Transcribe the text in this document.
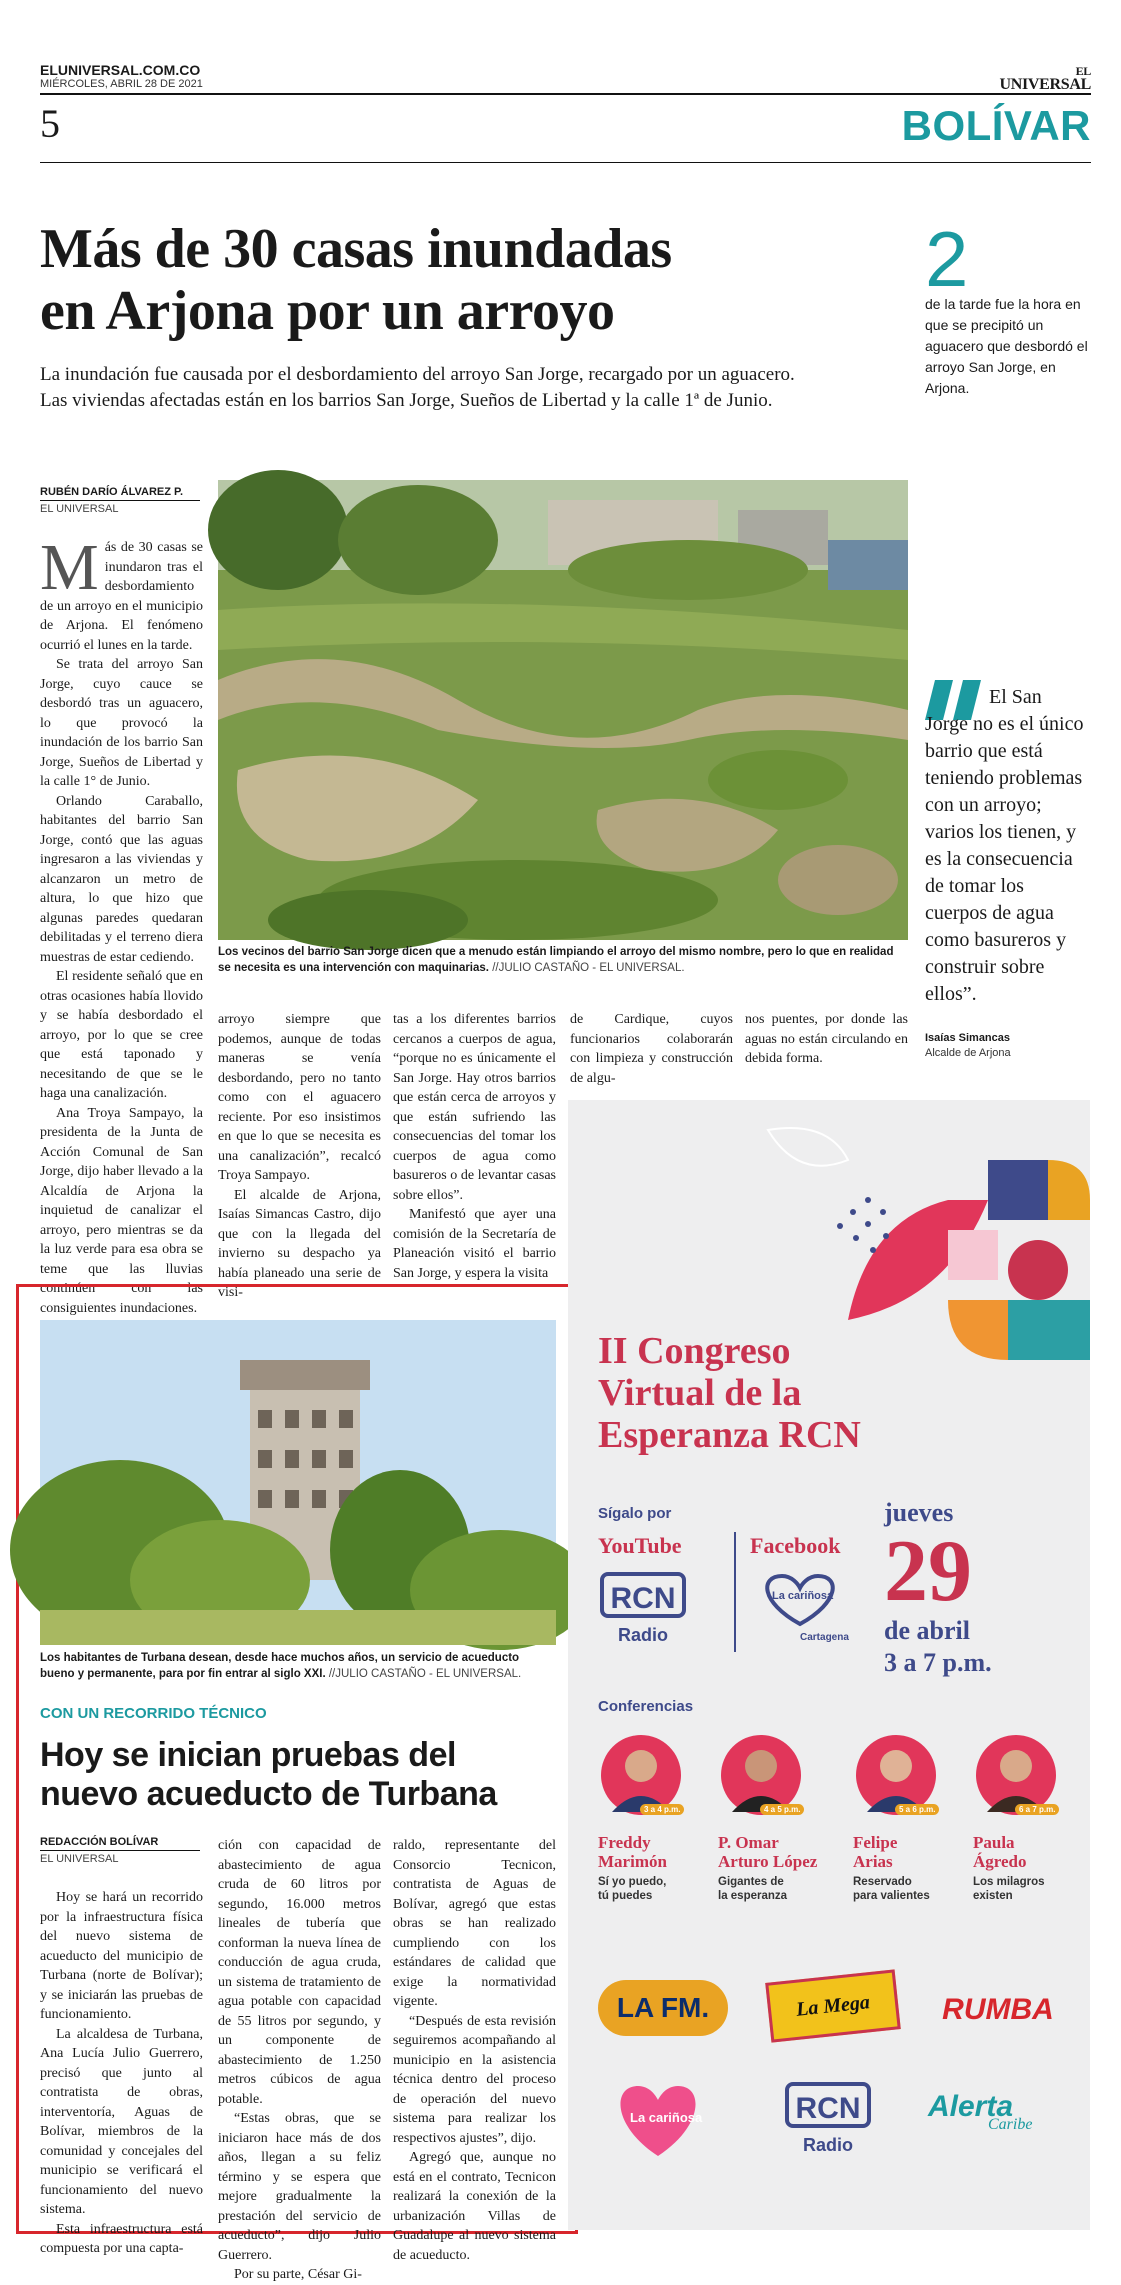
ELUNIVERSAL.COM.CO
MIÉRCOLES, ABRIL 28 DE 2021
EL
UNIVERSAL
5	BOLÍVAR
Más de 30 casas inundadas
en Arjona por un arroyo
La inundación fue causada por el desbordamiento del arroyo San Jorge, recargado por un aguacero.
Las viviendas afectadas están en los barrios San Jorge, Sueños de Libertad y la calle 1ª de Junio.
2
de la tarde fue la hora en que se precipitó un aguacero que desbordó el arroyo San Jorge, en Arjona.
RUBÉN DARÍO ÁLVAREZ P.
EL UNIVERSAL
M ás de 30 casas se inundaron tras el desbordamiento de un arroyo en el municipio de Arjona. El fenómeno ocurrió el lunes en la tarde.

Se trata del arroyo San Jorge, cuyo cauce se desbordó tras un aguacero, lo que provocó la inundación de los barrio San Jorge, Sueños de Libertad y la calle 1° de Junio.

Orlando Caraballo, habitantes del barrio San Jorge, contó que las aguas ingresaron a las viviendas y alcanzaron un metro de altura, lo que hizo que algunas paredes quedaran debilitadas y el terreno diera muestras de estar cediendo.

El residente señaló que en otras ocasiones había llovido y se había desbordado el arroyo, por lo que se cree que está taponado y necesitando de que se le haga una canalización.

Ana Troya Sampayo, la presidenta de la Junta de Acción Comunal de San Jorge, dijo haber llevado a la Alcaldía de Arjona la inquietud de canalizar el arroyo, pero mientras se da la luz verde para esa obra se teme que las lluvias continúen con las consiguientes inundaciones.

Los vecinos del barrio San Jorge dicen que a menudo están limpiando el arroyo del mismo nombre, pero lo que en realidad se necesita es una intervención con maquinarias. //JULIO CASTAÑO - EL UNIVERSAL.

arroyo siempre que podemos, aunque de todas maneras se venía desbordando, pero no tanto como con el aguacero reciente. Por eso insistimos en que lo que se necesita es una canalización”, recalcó Troya Sampayo.

El alcalde de Arjona, Isaías Simancas Castro, dijo que con la llegada del invierno su despacho ya había planeado una serie de visi-

tas a los diferentes barrios cercanos a cuerpos de agua, “porque no es únicamente el San Jorge. Hay otros barrios que están cerca de arroyos y que están sufriendo las consecuencias del tomar los cuerpos de agua como basureros o de levantar casas sobre ellos”.

Manifestó que ayer una comisión de la Secretaría de Planeación visitó el barrio San Jorge, y espera la visita

de Cardique, cuyos funcionarios colaborarán con limpieza y construcción de algu-

nos puentes, por donde las aguas no están circulando en debida forma.

El San Jorge no es el único barrio que está teniendo problemas con un arroyo; varios los tienen, y es la consecuencia de tomar los cuerpos de agua como basureros y construir sobre ellos”.
Isaías Simancas
Alcalde de Arjona
Los habitantes de Turbana desean, desde hace muchos años, un servicio de acueducto bueno y permanente, para por fin entrar al siglo XXI. //JULIO CASTAÑO - EL UNIVERSAL.
CON UN RECORRIDO TÉCNICO
Hoy se inician pruebas del
nuevo acueducto de Turbana
REDACCIÓN BOLÍVAR
EL UNIVERSAL

Hoy se hará un recorrido por la infraestructura física del nuevo sistema de acueducto del municipio de Turbana (norte de Bolívar); y se iniciarán las pruebas de funcionamiento.

La alcaldesa de Turbana, Ana Lucía Julio Guerrero, precisó que junto al contratista de obras, interventoría, Aguas de Bolívar, miembros de la comunidad y concejales del municipio se verificará el funcionamiento del nuevo sistema.

Esta infraestructura está compuesta por una capta-

ción con capacidad de abastecimiento de agua cruda de 60 litros por segundo, 16.000 metros lineales de tubería que conforman la nueva línea de conducción de agua cruda, un sistema de tratamiento de agua potable con capacidad de 55 litros por segundo, y un componente de abastecimiento de 1.250 metros cúbicos de agua potable.

“Estas obras, que se iniciaron hace más de dos años, llegan a su feliz término y se espera que mejore gradualmente la prestación del servicio de acueducto”, dijo Julio Guerrero.

Por su parte, César Gi-

raldo, representante del Consorcio Tecnicon, contratista de Aguas de Bolívar, agregó que estas obras se han realizado cumpliendo con los estándares de calidad que exige la normatividad vigente.

“Después de esta revisión seguiremos acompañando al municipio en la asistencia técnica dentro del proceso de operación del nuevo sistema para realizar los respectivos ajustes”, dijo.

Agregó que, aunque no está en el contrato, Tecnicon realizará la conexión de la urbanización Villas de Guadalupe al nuevo sistema de acueducto.

II Congreso
Virtual de la
Esperanza RCN
Sígalo por
YouTube	Facebook
RCN
Radio
La cariñosa
Cartagena
jueves
29
de abril
3 a 7 p.m.
Conferencias
3 a 4 p.m.
Freddy
Marimón
Sí yo puedo,
tú puedes
4 a 5 p.m.
P. Omar
Arturo López
Gigantes de
la esperanza
5 a 6 p.m.
Felipe
Arias
Reservado
para valientes
6 a 7 p.m.
Paula
Ágredo
Los milagros
existen
LA FM.	La Mega	RUMBA
La cariñosa	RCN
Radio
Alerta
Caribe
